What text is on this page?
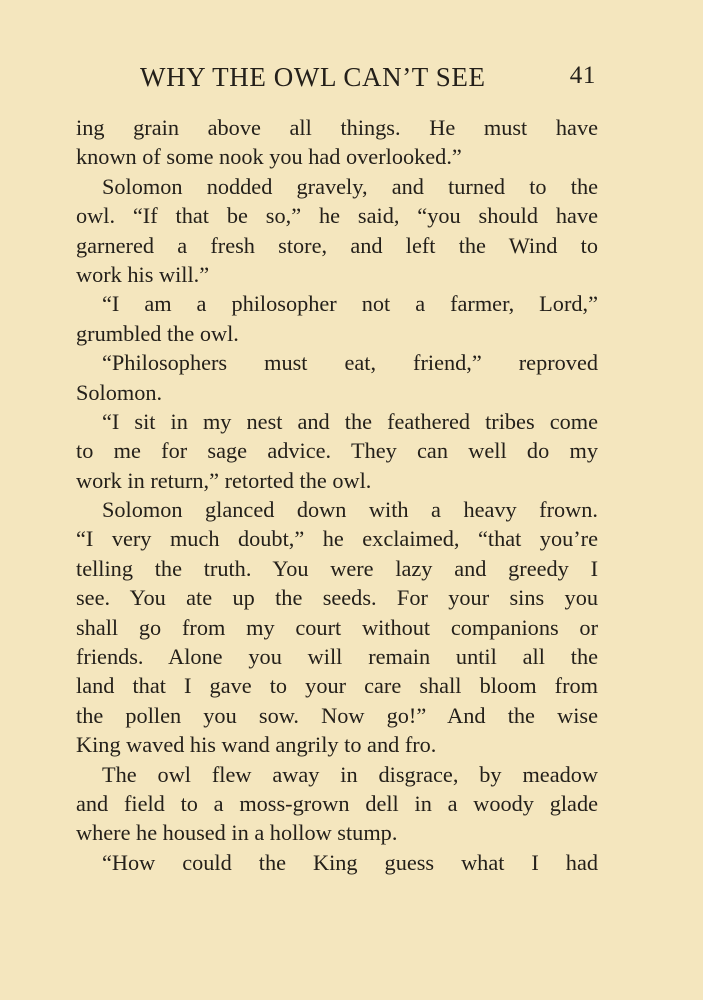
WHY THE OWL CAN’T SEE	41
ing grain above all things. He must have
known of some nook you had overlooked.”
Solomon nodded gravely, and turned to the
owl. “If that be so,” he said, “you should have
garnered a fresh store, and left the Wind to
work his will.”
“I am a philosopher not a farmer, Lord,”
grumbled the owl.
“Philosophers must eat, friend,” reproved
Solomon.
“I sit in my nest and the feathered tribes come
to me for sage advice. They can well do my
work in return,” retorted the owl.
Solomon glanced down with a heavy frown.
“I very much doubt,” he exclaimed, “that you’re
telling the truth. You were lazy and greedy I
see. You ate up the seeds. For your sins you
shall go from my court without companions or
friends. Alone you will remain until all the
land that I gave to your care shall bloom from
the pollen you sow. Now go!” And the wise
King waved his wand angrily to and fro.
The owl flew away in disgrace, by meadow
and field to a moss-grown dell in a woody glade
where he housed in a hollow stump.
“How could the King guess what I had
